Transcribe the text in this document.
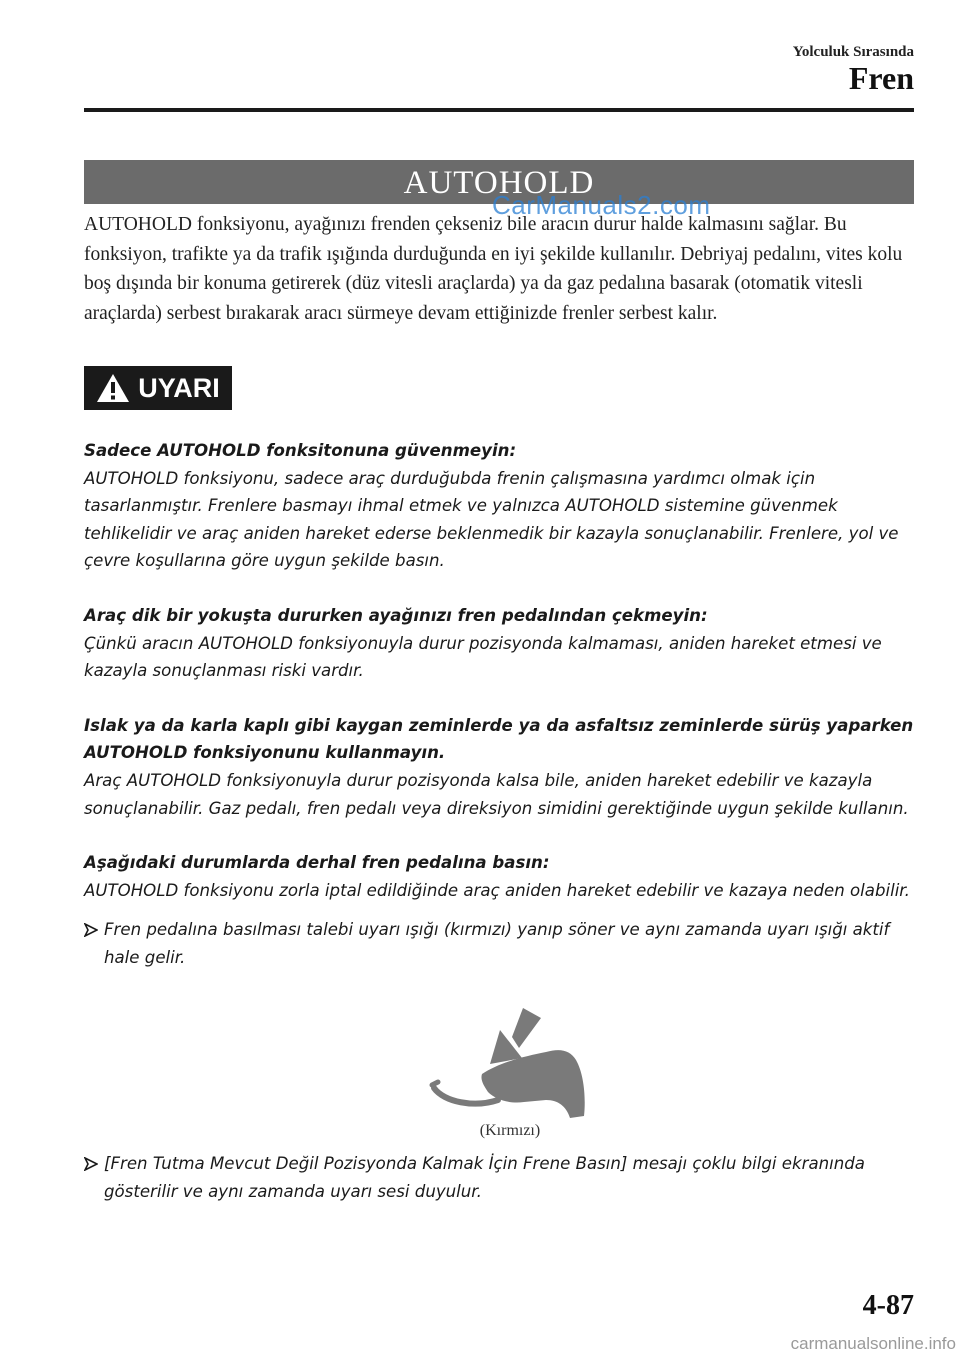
Yolculuk Sırasında
Fren
AUTOHOLD
CarManuals2.com

AUTOHOLD fonksiyonu, ayağınızı frenden çekseniz bile aracın durur halde kalmasını sağlar. Bu fonksiyon, trafikte ya da trafik ışığında durduğunda en iyi şekilde kullanılır. Debriyaj pedalını, vites kolu boş dışında bir konuma getirerek (düz vitesli araçlarda) ya da gaz pedalına basarak (otomatik vitesli araçlarda) serbest bırakarak aracı sürmeye devam ettiğinizde frenler serbest kalır.

UYARI
Sadece AUTOHOLD fonksitonuna güvenmeyin:
AUTOHOLD fonksiyonu, sadece araç durduğubda frenin çalışmasına yardımcı olmak için tasarlanmıştır. Frenlere basmayı ihmal etmek ve yalnızca AUTOHOLD sistemine güvenmek tehlikelidir ve araç aniden hareket ederse beklenmedik bir kazayla sonuçlanabilir. Frenlere, yol ve çevre koşullarına göre uygun şekilde basın.
Araç dik bir yokuşta dururken ayağınızı fren pedalından çekmeyin:
Çünkü aracın AUTOHOLD fonksiyonuyla durur pozisyonda kalmaması, aniden hareket etmesi ve kazayla sonuçlanması riski vardır.
Islak ya da karla kaplı gibi kaygan zeminlerde ya da asfaltsız zeminlerde sürüş yaparken AUTOHOLD fonksiyonunu kullanmayın.
Araç AUTOHOLD fonksiyonuyla durur pozisyonda kalsa bile, aniden hareket edebilir ve kazayla sonuçlanabilir. Gaz pedalı, fren pedalı veya direksiyon simidini gerektiğinde uygun şekilde kullanın.
Aşağıdaki durumlarda derhal fren pedalına basın:
AUTOHOLD fonksiyonu zorla iptal edildiğinde araç aniden hareket edebilir ve kazaya neden olabilir.
Fren pedalına basılması talebi uyarı ışığı (kırmızı) yanıp söner ve aynı zamanda uyarı ışığı aktif hale gelir.
(Kırmızı)
[Fren Tutma Mevcut Değil Pozisyonda Kalmak İçin Frene Basın] mesajı çoklu bilgi ekranında gösterilir ve aynı zamanda uyarı sesi duyulur.
4-87
carmanualsonline.info
